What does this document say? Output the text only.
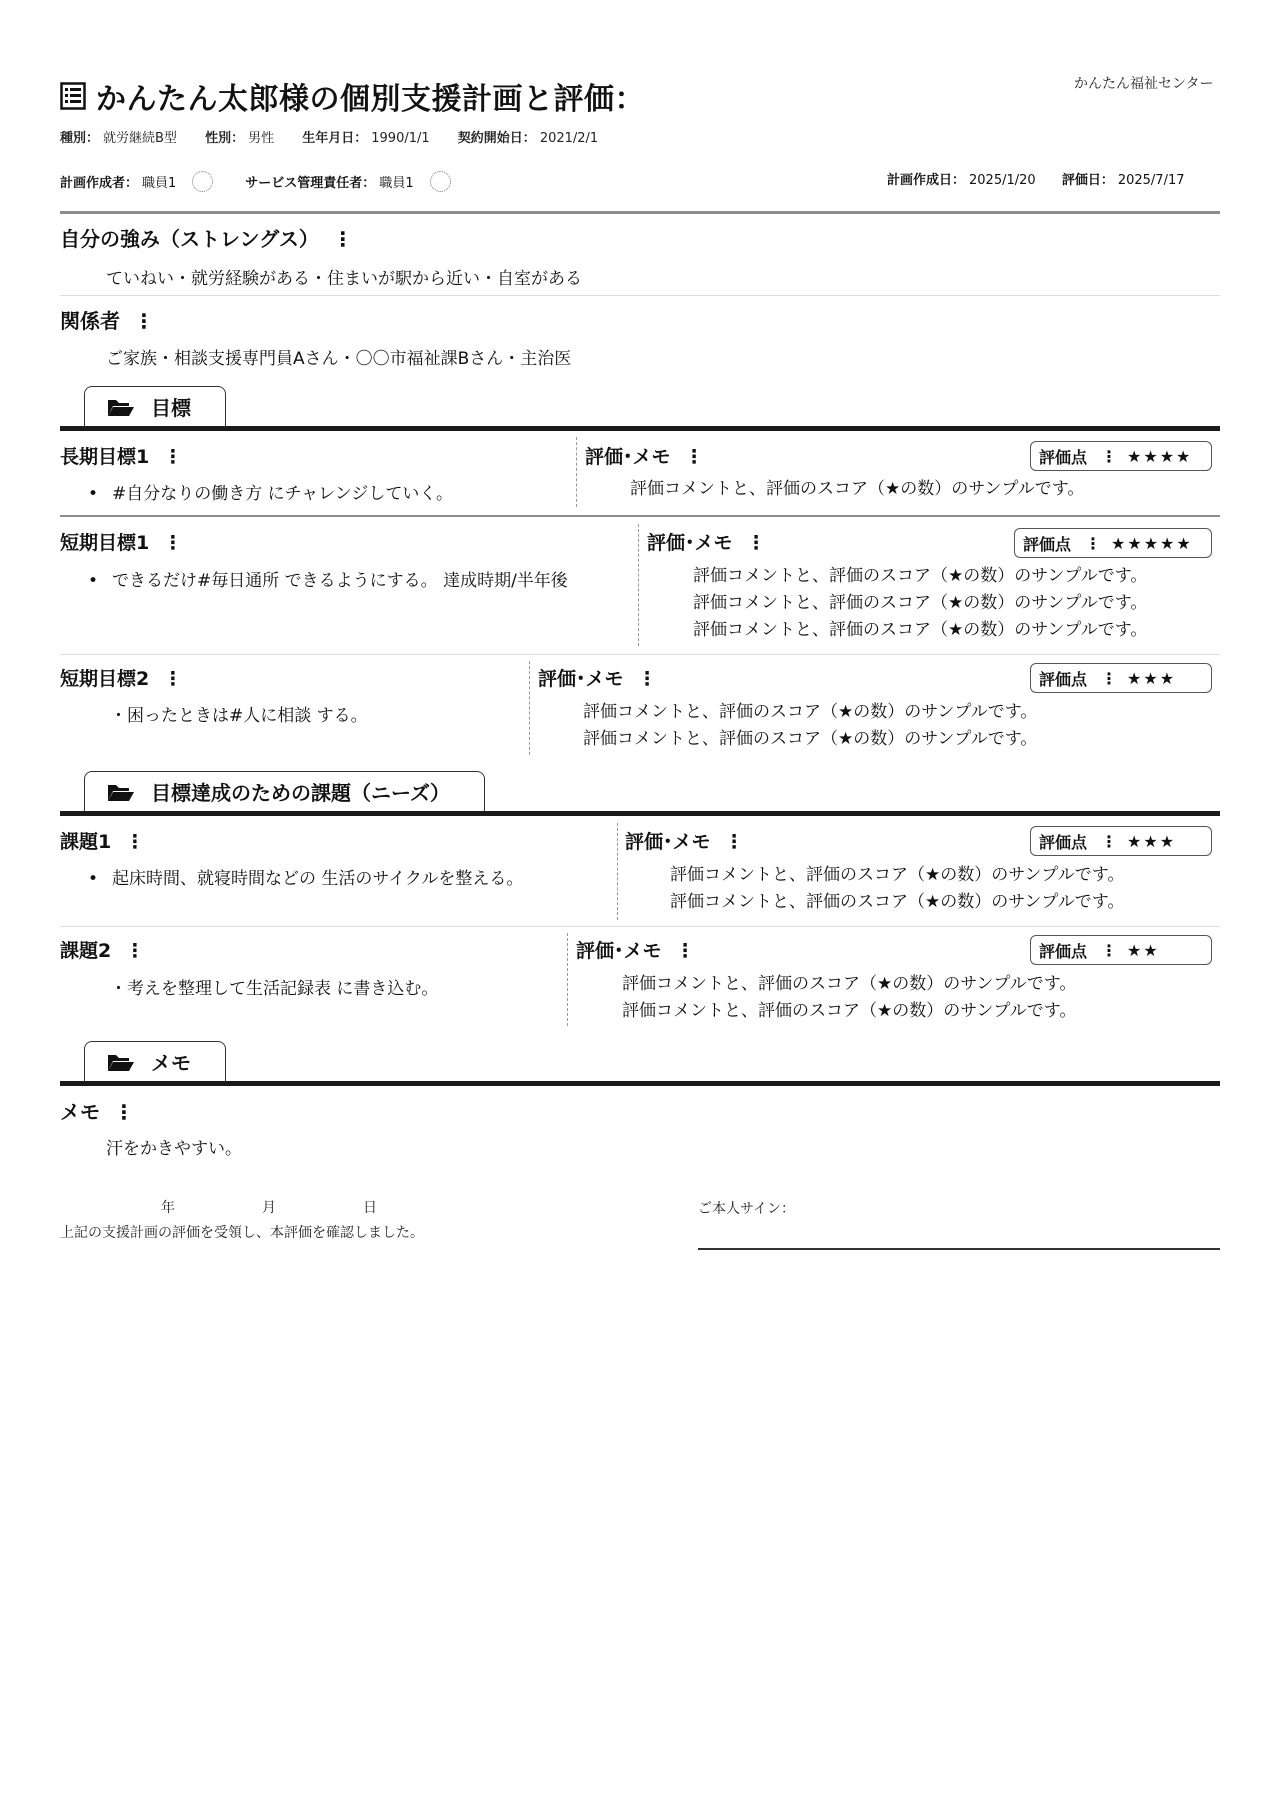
かんたん福祉センター
かんたん太郎様の個別支援計画と評価：
種別： 就労継続B型 性別： 男性 生年月日： 1990/1/1 契約開始日： 2021/2/1
計画作成者： 職員1	サービス管理責任者： 職員1	計画作成日： 2025/1/20 評価日： 2025/7/17
自分の強み（ストレングス） ⋮
ていねい・就労経験がある・住まいが駅から近い・自室がある
関係者 ⋮
ご家族・相談支援専門員Aさん・〇〇市福祉課Bさん・主治医
目標
長期目標1 ⋮
• #自分なりの働き方 にチャレンジしていく。
評価･メモ ⋮	評価点 ⋮ ★★★★
評価コメントと、評価のスコア（★の数）のサンプルです。
短期目標1 ⋮
• できるだけ#毎日通所 できるようにする。 達成時期/半年後
評価･メモ ⋮	評価点 ⋮ ★★★★★
評価コメントと、評価のスコア（★の数）のサンプルです。
評価コメントと、評価のスコア（★の数）のサンプルです。
評価コメントと、評価のスコア（★の数）のサンプルです。
短期目標2 ⋮
・困ったときは#人に相談 する。
評価･メモ ⋮	評価点 ⋮ ★★★
評価コメントと、評価のスコア（★の数）のサンプルです。
評価コメントと、評価のスコア（★の数）のサンプルです。
目標達成のための課題（ニーズ）
課題1 ⋮
• 起床時間、就寝時間などの 生活のサイクルを整える。
評価･メモ ⋮	評価点 ⋮ ★★★
評価コメントと、評価のスコア（★の数）のサンプルです。
評価コメントと、評価のスコア（★の数）のサンプルです。
課題2 ⋮
・考えを整理して生活記録表 に書き込む。
評価･メモ ⋮	評価点 ⋮ ★★
評価コメントと、評価のスコア（★の数）のサンプルです。
評価コメントと、評価のスコア（★の数）のサンプルです。
メモ
メモ ⋮
汗をかきやすい。
年	月	日
上記の支援計画の評価を受領し、本評価を確認しました。
ご本人サイン：
